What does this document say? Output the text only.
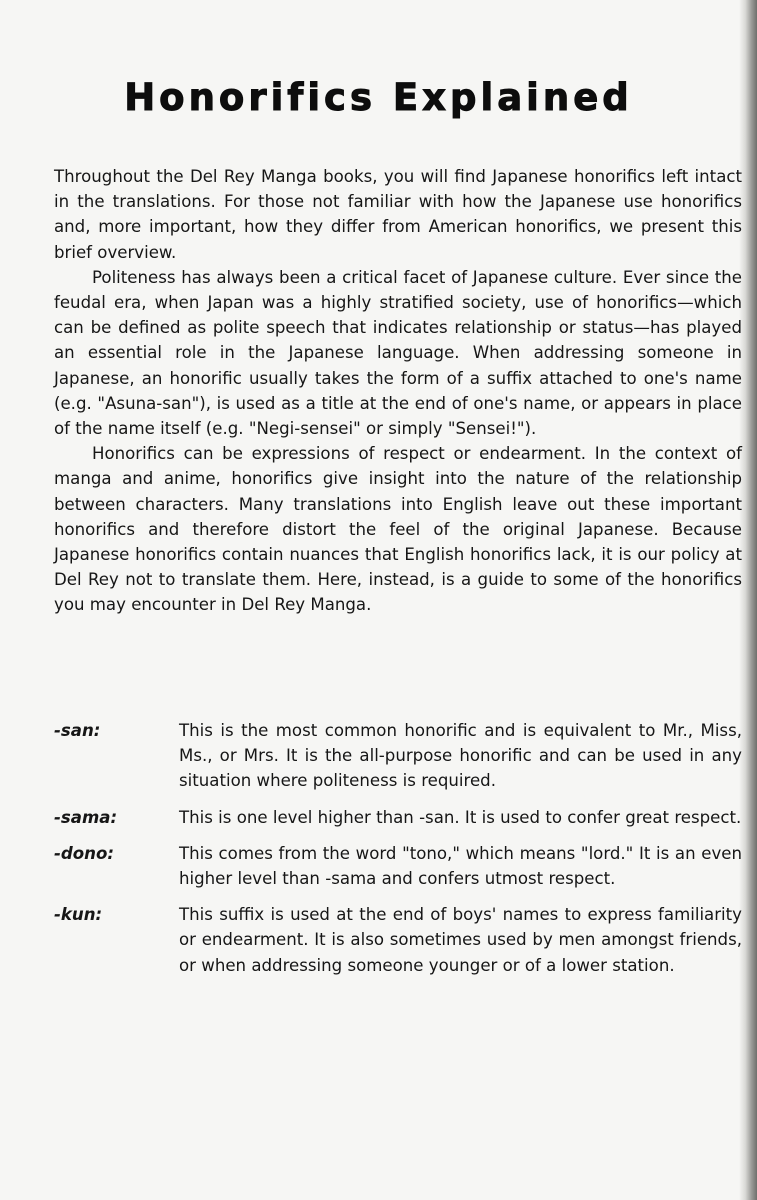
Honorifics Explained

Throughout the Del Rey Manga books, you will find Japanese honorifics left intact in the translations. For those not familiar with how the Japanese use honorifics and, more important, how they differ from American honorifics, we present this brief overview.

Politeness has always been a critical facet of Japanese culture. Ever since the feudal era, when Japan was a highly stratified society, use of honorifics—which can be defined as polite speech that indicates relationship or status—has played an essential role in the Japanese language. When addressing someone in Japanese, an honorific usually takes the form of a suffix attached to one's name (e.g. "Asuna-san"), is used as a title at the end of one's name, or appears in place of the name itself (e.g. "Negi-sensei" or simply "Sensei!").

Honorifics can be expressions of respect or endearment. In the context of manga and anime, honorifics give insight into the nature of the relationship between characters. Many translations into English leave out these important honorifics and therefore distort the feel of the original Japanese. Because Japanese honorifics contain nuances that English honorifics lack, it is our policy at Del Rey not to translate them. Here, instead, is a guide to some of the honorifics you may encounter in Del Rey Manga.

-san:	This is the most common honorific and is equivalent to Mr., Miss, Ms., or Mrs. It is the all-purpose honorific and can be used in any situation where politeness is required.
-sama:	This is one level higher than -san. It is used to confer great respect.
-dono:	This comes from the word "tono," which means "lord." It is an even higher level than -sama and confers utmost respect.
-kun:	This suffix is used at the end of boys' names to express familiarity or endearment. It is also sometimes used by men amongst friends, or when addressing someone younger or of a lower station.
